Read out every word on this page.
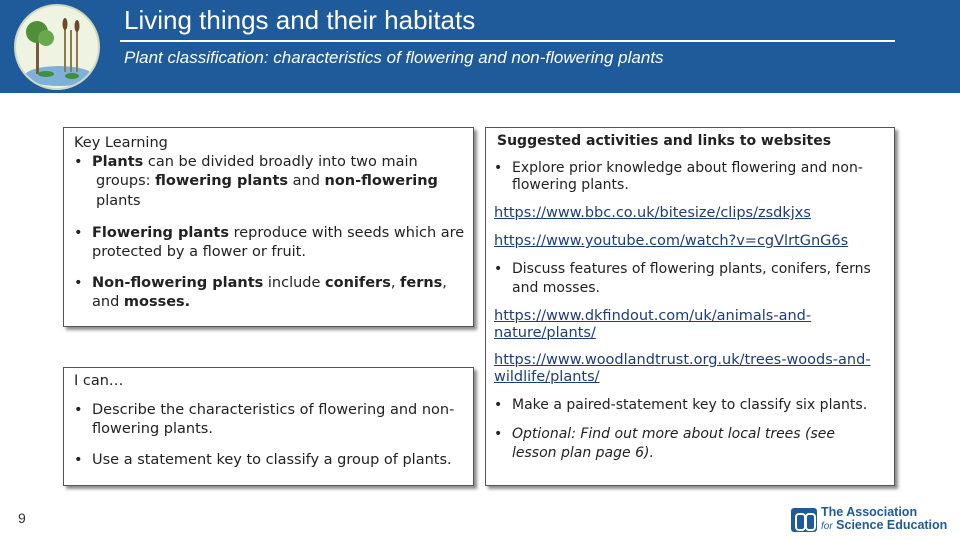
Living things and their habitats
Plant classification: characteristics of flowering and non-flowering plants
Key Learning
• Plants can be divided broadly into two main
groups: flowering plants and non-flowering
plants
• Flowering plants reproduce with seeds which are
protected by a flower or fruit.
• Non-flowering plants include conifers, ferns,
and mosses.
I can…
• Describe the characteristics of flowering and non-
flowering plants.
• Use a statement key to classify a group of plants.
Suggested activities and links to websites
• Explore prior knowledge about flowering and non-
flowering plants.
https://www.bbc.co.uk/bitesize/clips/zsdkjxs
https://www.youtube.com/watch?v=cgVlrtGnG6s
• Discuss features of flowering plants, conifers, ferns
and mosses.
https://www.dkfindout.com/uk/animals-and-
nature/plants/
https://www.woodlandtrust.org.uk/trees-woods-and-
wildlife/plants/
• Make a paired-statement key to classify six plants.
• Optional: Find out more about local trees (see
lesson plan page 6).
9	The Association
for Science Education
